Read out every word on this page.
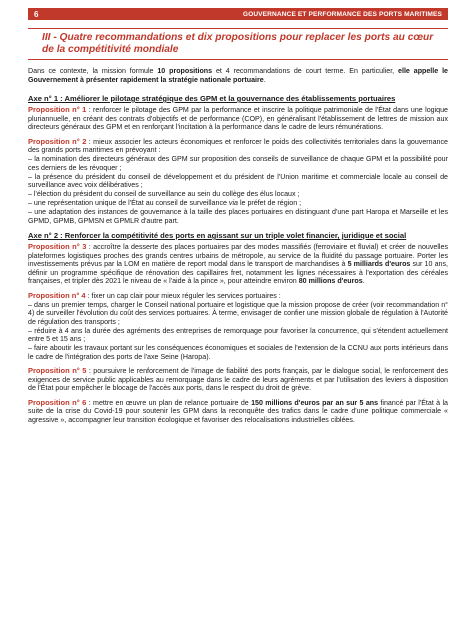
6	GOUVERNANCE ET PERFORMANCE DES PORTS MARITIMES

III - Quatre recommandations et dix propositions pour replacer les ports au cœur de la compétitivité mondiale

Dans ce contexte, la mission formule 10 propositions et 4 recommandations de court terme. En particulier, elle appelle le Gouvernement à présenter rapidement la stratégie nationale portuaire.

Axe n° 1 : Améliorer le pilotage stratégique des GPM et la gouvernance des établissements portuaires

Proposition n° 1 : renforcer le pilotage des GPM par la performance et inscrire la politique patrimoniale de l'État dans une logique pluriannuelle, en créant des contrats d'objectifs et de performance (COP), en généralisant l'établissement de lettres de mission aux directeurs généraux des GPM et en renforçant l'incitation à la performance dans le cadre de leurs rémunérations.

Proposition n° 2 : mieux associer les acteurs économiques et renforcer le poids des collectivités territoriales dans la gouvernance des grands ports maritimes en prévoyant :

– la nomination des directeurs généraux des GPM sur proposition des conseils de surveillance de chaque GPM et la possibilité pour ces derniers de les révoquer ;

– la présence du président du conseil de développement et du président de l'Union maritime et commerciale locale au conseil de surveillance avec voix délibératives ;

– l'élection du président du conseil de surveillance au sein du collège des élus locaux ;

– une représentation unique de l'État au conseil de surveillance via le préfet de région ;

– une adaptation des instances de gouvernance à la taille des places portuaires en distinguant d'une part Haropa et Marseille et les GPMD, GPMB, GPMSN et GPMLR d'autre part.

Axe n° 2 : Renforcer la compétitivité des ports en agissant sur un triple volet financier, juridique et social

Proposition n° 3 : accroître la desserte des places portuaires par des modes massifiés (ferroviaire et fluvial) et créer de nouvelles plateformes logistiques proches des grands centres urbains de métropole, au service de la fluidité du passage portuaire. Porter les investissements prévus par la LOM en matière de report modal dans le transport de marchandises à 5 milliards d'euros sur 10 ans, définir un programme spécifique de rénovation des capillaires fret, notamment les lignes nécessaires à l'exportation des céréales françaises, et tripler dès 2021 le niveau de « l'aide à la pince », pour atteindre environ 80 millions d'euros.

Proposition n° 4 : fixer un cap clair pour mieux réguler les services portuaires :

– dans un premier temps, charger le Conseil national portuaire et logistique que la mission propose de créer (voir recommandation n° 4) de surveiller l'évolution du coût des services portuaires. À terme, envisager de confier une mission globale de régulation à l'Autorité de régulation des transports ;

– réduire à 4 ans la durée des agréments des entreprises de remorquage pour favoriser la concurrence, qui s'étendent actuellement entre 5 et 15 ans ;

– faire aboutir les travaux portant sur les conséquences économiques et sociales de l'extension de la CCNU aux ports intérieurs dans le cadre de l'intégration des ports de l'axe Seine (Haropa).

Proposition n° 5 : poursuivre le renforcement de l'image de fiabilité des ports français, par le dialogue social, le renforcement des exigences de service public applicables au remorquage dans le cadre de leurs agréments et par l'utilisation des leviers à disposition de l'État pour empêcher le blocage de l'accès aux ports, dans le respect du droit de grève.

Proposition n° 6 : mettre en œuvre un plan de relance portuaire de 150 millions d'euros par an sur 5 ans financé par l'État à la suite de la crise du Covid-19 pour soutenir les GPM dans la reconquête des trafics dans le cadre d'une politique commerciale « agressive », accompagner leur transition écologique et favoriser des relocalisations industrielles ciblées.
